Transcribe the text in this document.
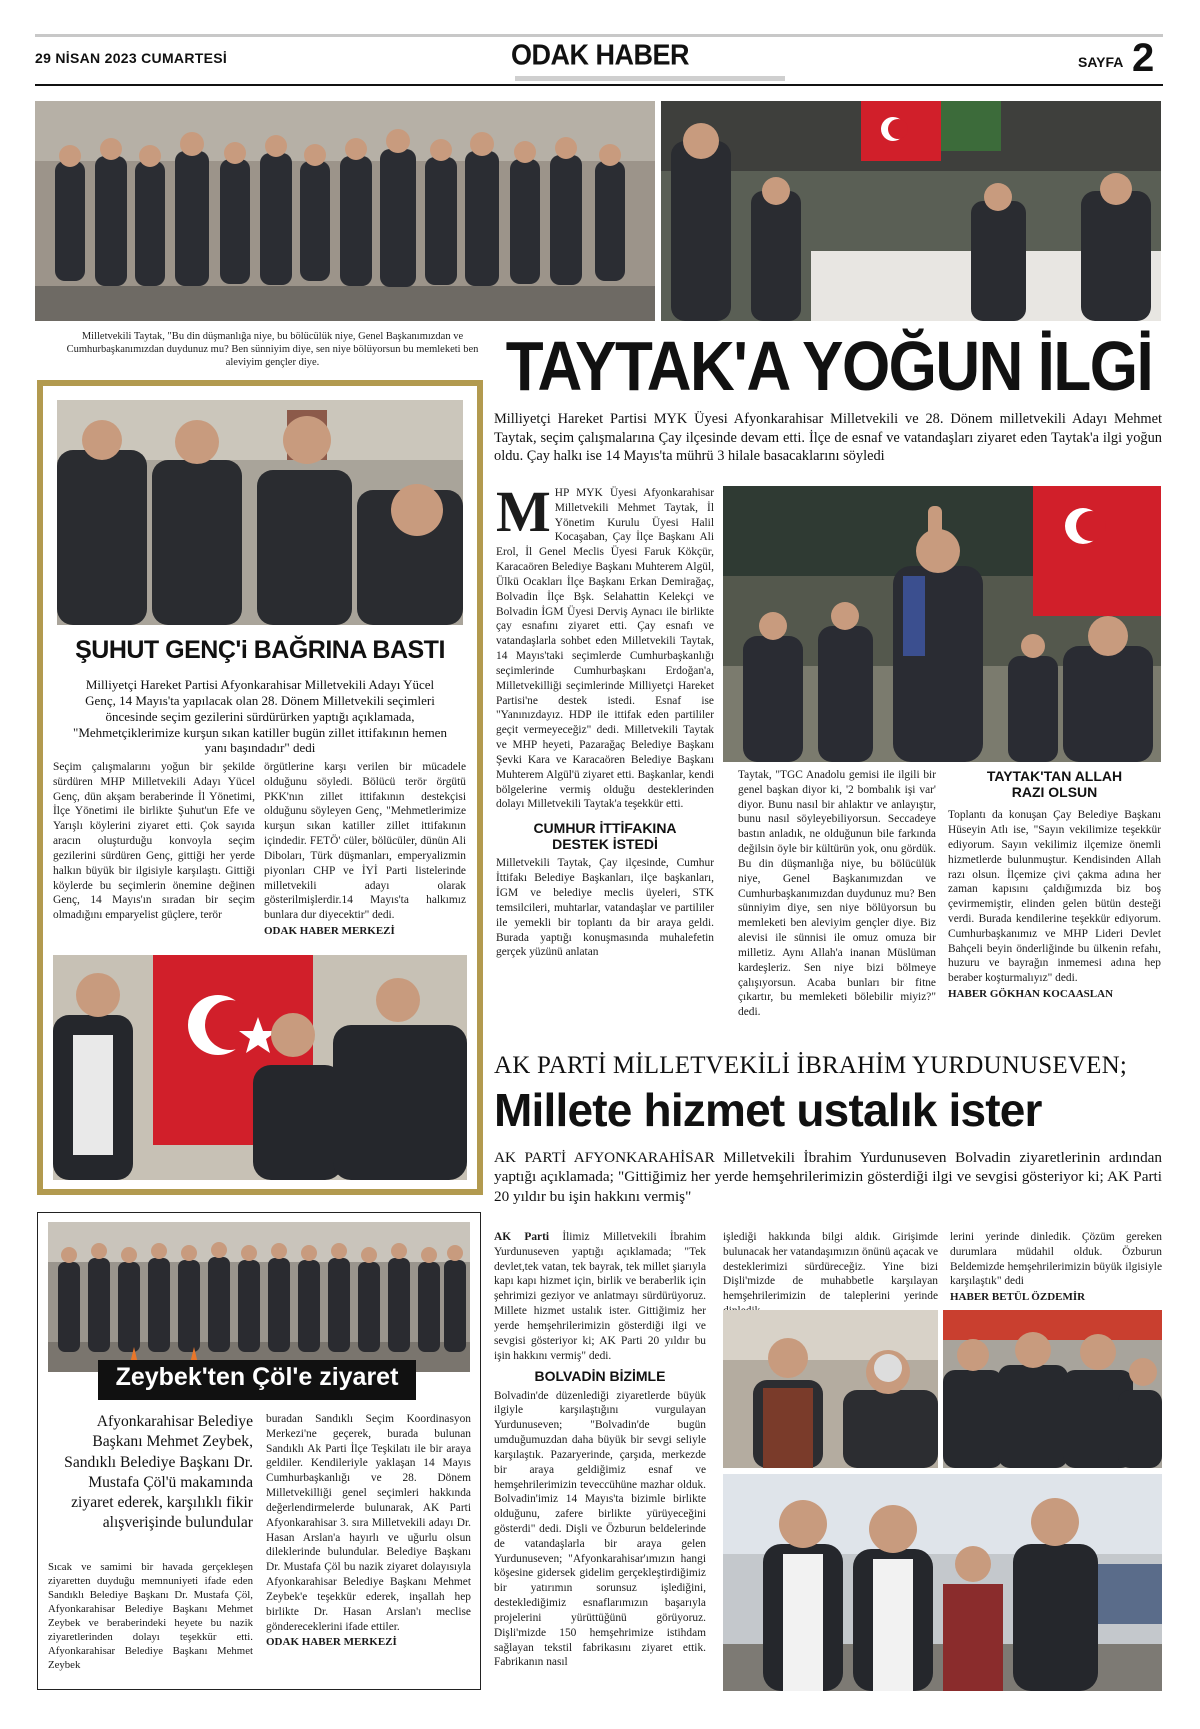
29 NİSAN 2023 CUMARTESİ	ODAK HABER	SAYFA 2
Milletvekili Taytak, "Bu din düşmanlığa niye, bu bölücülük niye, Genel Başkanımızdan ve Cumhurbaşkanımızdan duydunuz mu? Ben sünniyim diye, sen niye bölüyorsun bu memleketi ben aleviyim gençler diye.	TAYTAK'A YOĞUN İLGİ
Milliyetçi Hareket Partisi MYK Üyesi Afyonkarahisar Milletvekili ve 28. Dönem milletvekili Adayı Mehmet Taytak, seçim çalışmalarına Çay ilçesinde devam etti. İlçe de esnaf ve vatandaşları ziyaret eden Taytak'a ilgi yoğun oldu. Çay halkı ise 14 Mayıs'ta mührü 3 hilale basacaklarını söyledi
M HP MYK Üyesi Afyonkarahisar Milletvekili Mehmet Taytak, İl Yönetim Kurulu Üyesi Halil Kocaşaban, Çay İlçe Başkanı Ali Erol, İl Genel Meclis Üyesi Faruk Kökçür, Karacaören Belediye Başkanı Muhterem Algül, Ülkü Ocakları İlçe Başkanı Erkan Demirağaç, Bolvadin İlçe Bşk. Selahattin Kelekçi ve Bolvadin İGM Üyesi Derviş Aynacı ile birlikte çay esnafını ziyaret etti. Çay esnafı ve vatandaşlarla sohbet eden Milletvekili Taytak, 14 Mayıs'taki seçimlerde Cumhurbaşkanlığı seçimlerinde Cumhurbaşkanı Erdoğan'a, Milletvekilliği seçimlerinde Milliyetçi Hareket Partisi'ne destek istedi. Esnaf ise "Yanınızdayız. HDP ile ittifak eden partililer geçit vermeyeceğiz" dedi. Milletvekili Taytak ve MHP heyeti, Pazarağaç Belediye Başkanı Şevki Kara ve Karacaören Belediye Başkanı Muhterem Algül'ü ziyaret etti. Başkanlar, kendi bölgelerine vermiş olduğu desteklerinden dolayı Milletvekili Taytak'a teşekkür etti.
CUMHUR İTTİFAKINA DESTEK İSTEDİ
Milletvekili Taytak, Çay ilçesinde, Cumhur İttifakı Belediye Başkanları, ilçe başkanları, İGM ve belediye meclis üyeleri, STK temsilcileri, muhtarlar, vatandaşlar ve partililer ile yemekli bir toplantı da bir araya geldi. Burada yaptığı konuşmasında muhalefetin gerçek yüzünü anlatan
Taytak, "TGC Anadolu gemisi ile ilgili bir genel başkan diyor ki, '2 bombalık işi var' diyor. Bunu nasıl bir ahlaktır ve anlayıştır, bunu nasıl söyleyebiliyorsun. Seccadeye bastın anladık, ne olduğunun bile farkında değilsin öyle bir kültürün yok, onu gördük. Bu din düşmanlığa niye, bu bölücülük niye, Genel Başkanımızdan ve Cumhurbaşkanımızdan duydunuz mu? Ben sünniyim diye, sen niye bölüyorsun bu memleketi ben aleviyim gençler diye. Biz alevisi ile sünnisi ile omuz omuza bir milletiz. Aynı Allah'a inanan Müslüman kardeşleriz. Sen niye bizi bölmeye çalışıyorsun. Acaba bunları bir fitne çıkartır, bu memleketi bölebilir miyiz?" dedi.
TAYTAK'TAN ALLAH RAZI OLSUN
Toplantı da konuşan Çay Belediye Başkanı Hüseyin Atlı ise, "Sayın vekilimize teşekkür ediyorum. Sayın vekilimiz ilçemize önemli hizmetlerde bulunmuştur. Kendisinden Allah razı olsun. İlçemize çivi çakma adına her zaman kapısını çaldığımızda biz boş çevirmemiştir, elinden gelen bütün desteği verdi. Burada kendilerine teşekkür ediyorum. Cumhurbaşkanımız ve MHP Lideri Devlet Bahçeli beyin önderliğinde bu ülkenin refahı, huzuru ve bayrağın inmemesi adına hep beraber koşturmalıyız" dedi.
HABER GÖKHAN KOCAASLAN
ŞUHUT GENÇ'i BAĞRINA BASTI
Milliyetçi Hareket Partisi Afyonkarahisar Milletvekili Adayı Yücel Genç, 14 Mayıs'ta yapılacak olan 28. Dönem Milletvekili seçimleri öncesinde seçim gezilerini sürdürürken yaptığı açıklamada, "Mehmetçiklerimize kurşun sıkan katiller bugün zillet ittifakının hemen yanı başındadır" dedi
Seçim çalışmalarını yoğun bir şekilde sürdüren MHP Milletvekili Adayı Yücel Genç, dün akşam beraberinde İl Yönetimi, İlçe Yönetimi ile birlikte Şuhut'un Efe ve Yarışlı köylerini ziyaret etti. Çok sayıda aracın oluşturduğu konvoyla seçim gezilerini sürdüren Genç, gittiği her yerde halkın büyük bir ilgisiyle karşılaştı. Gittiği köylerde bu seçimlerin önemine değinen Genç, 14 Mayıs'ın sıradan bir seçim olmadığını emparyelist güçlere, terör
örgütlerine karşı verilen bir mücadele olduğunu söyledi. Bölücü terör örgütü PKK'nın zillet ittifakının destekçisi olduğunu söyleyen Genç, "Mehmetlerimize kurşun sıkan katiller zillet ittifakının içindedir. FETÖ' cüler, bölücüler, dünün Ali Diboları, Türk düşmanları, emperyalizmin piyonları CHP ve İYİ Parti listelerinde milletvekili adayı olarak gösterilmişlerdir.14 Mayıs'ta halkımız bunlara dur diyecektir" dedi.
ODAK HABER MERKEZİ
Zeybek'ten Çöl'e ziyaret
Afyonkarahisar Belediye Başkanı Mehmet Zeybek, Sandıklı Belediye Başkanı Dr. Mustafa Çöl'ü makamında ziyaret ederek, karşılıklı fikir alışverişinde bulundular
Sıcak ve samimi bir havada gerçekleşen ziyaretten duyduğu memnuniyeti ifade eden Sandıklı Belediye Başkanı Dr. Mustafa Çöl, Afyonkarahisar Belediye Başkanı Mehmet Zeybek ve beraberindeki heyete bu nazik ziyaretlerinden dolayı teşekkür etti. Afyonkarahisar Belediye Başkanı Mehmet Zeybek
buradan Sandıklı Seçim Koordinasyon Merkezi'ne geçerek, burada bulunan Sandıklı Ak Parti İlçe Teşkilatı ile bir araya geldiler. Kendileriyle yaklaşan 14 Mayıs Cumhurbaşkanlığı ve 28. Dönem Milletvekilliği genel seçimleri hakkında değerlendirmelerde bulunarak, AK Parti Afyonkarahisar 3. sıra Milletvekili adayı Dr. Hasan Arslan'a hayırlı ve uğurlu olsun dileklerinde bulundular. Belediye Başkanı Dr. Mustafa Çöl bu nazik ziyaret dolayısıyla Afyonkarahisar Belediye Başkanı Mehmet Zeybek'e teşekkür ederek, inşallah hep birlikte Dr. Hasan Arslan'ı meclise göndereceklerini ifade ettiler.
ODAK HABER MERKEZİ
AK PARTİ MİLLETVEKİLİ İBRAHİM YURDUNUSEVEN;
Millete hizmet ustalık ister
AK PARTİ AFYONKARAHİSAR Milletvekili İbrahim Yurdunuseven Bolvadin ziyaretlerinin ardından yaptığı açıklamada; "Gittiğimiz her yerde hemşehrilerimizin gösterdiği ilgi ve sevgisi gösteriyor ki; AK Parti 20 yıldır bu işin hakkını vermiş"
AK Parti İlimiz Milletvekili İbrahim Yurdunuseven yaptığı açıklamada; "Tek devlet,tek vatan, tek bayrak, tek millet şiarıyla kapı kapı hizmet için, birlik ve beraberlik için şehrimizi geziyor ve anlatmayı sürdürüyoruz. Millete hizmet ustalık ister. Gittiğimiz her yerde hemşehrilerimizin gösterdiği ilgi ve sevgisi gösteriyor ki; AK Parti 20 yıldır bu işin hakkını vermiş" dedi.
BOLVADİN BİZİMLE
Bolvadin'de düzenlediği ziyaretlerde büyük ilgiyle karşılaştığını vurgulayan Yurdunuseven; "Bolvadin'de bugün umduğumuzdan daha büyük bir sevgi seliyle karşılaştık. Pazaryerinde, çarşıda, merkezde bir araya geldiğimiz esnaf ve hemşehrilerimizin teveccühüne mazhar olduk. Bolvadin'imiz 14 Mayıs'ta bizimle birlikte olduğunu, zafere birlikte yürüyeceğini gösterdi" dedi. Dişli ve Özburun beldelerinde de vatandaşlarla bir araya gelen Yurdunuseven; "Afyonkarahisar'ımızın hangi köşesine gidersek gidelim gerçekleştirdiğimiz bir yatırımın sorunsuz işlediğini, desteklediğimiz esnaflarımızın başarıyla projelerini yürüttüğünü görüyoruz. Dişli'mizde 150 hemşehrimize istihdam sağlayan tekstil fabrikasını ziyaret ettik. Fabrikanın nasıl
işlediği hakkında bilgi aldık. Girişimde bulunacak her vatandaşımızın önünü açacak ve desteklerimizi sürdüreceğiz. Yine bizi Dişli'mizde de muhabbetle karşılayan hemşehrilerimizin de taleplerini yerinde
lerini yerinde dinledik. Çözüm gereken durumlara müdahil olduk. Özburun Beldemizde hemşehrilerimizin büyük ilgisiyle karşılaştık" dedi
HABER BETÜL ÖZDEMİR
